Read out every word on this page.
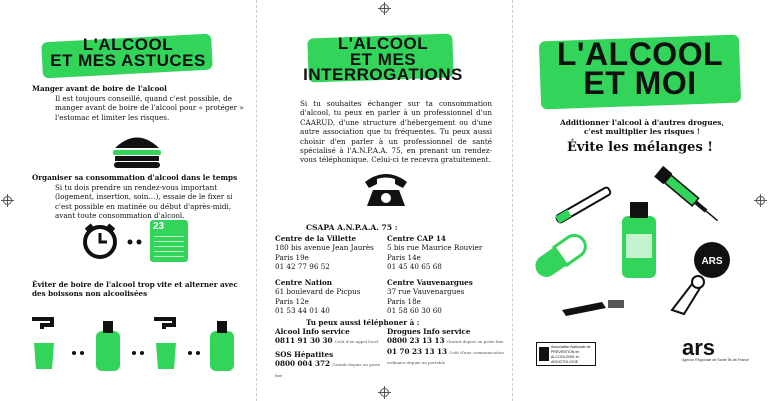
L'ALCOOL
ET MES ASTUCES
Manger avant de boire de l'alcool
Il est toujours conseillé, quand c'est possible, de manger avant de boire de l'alcool pour « protéger » l'estomac et limiter les risques.
Organiser sa consommation d'alcool dans le temps
Si tu dois prendre un rendez-vous important (logement, insertion, soin…), essaie de le fixer si c'est possible en matinée ou début d'après-midi, avant toute consommation d'alcool.
23
Éviter de boire de l'alcool trop vite et alterner avec des boissons non alcoolisées
L'ALCOOL
ET MES
INTERROGATIONS
Si tu souhaites échanger sur ta consommation d'alcool, tu peux en parler à un professionnel d'un CAARUD, d'une structure d'hébergement ou d'une autre association que tu fréquentes. Tu peux aussi choisir d'en parler à un professionnel de santé spécialisé à l'A.N.P.A.A. 75, en prenant un rendez-vous téléphonique. Celui-ci te recevra gratuitement.
CSAPA A.N.P.A.A. 75 :
Centre de la Villette
180 bis avenue Jean Jaurès
Paris 19e
01 42 77 96 52
Centre CAP 14
5 bis rue Maurice Rouvier
Paris 14e
01 45 40 65 68
Centre Nation
61 boulevard de Picpus
Paris 12e
01 53 44 01 40
Centre Vauvenargues
37 rue Vauvenargues
Paris 18e
01 58 60 30 60
Tu peux aussi téléphoner à :
Alcool Info service
0811 91 30 30 Coût d'un appel local
Drogues Info service
0800 23 13 13 Gratuit depuis un poste fixe
01 70 23 13 13 Coût d'une communication ordinaire depuis un portable
SOS Hépatites
0800 004 372 Gratuit depuis un poste fixe
L'ALCOOL
ET MOI
Additionner l'alcool à d'autres drogues, c'est multiplier les risques !
Évite les mélanges !
ARS
Association Nationale de PRÉVENTION en ALCOOLOGIE et ADDICTOLOGIE
ars
Agence Régionale de Santé Île-de-France
